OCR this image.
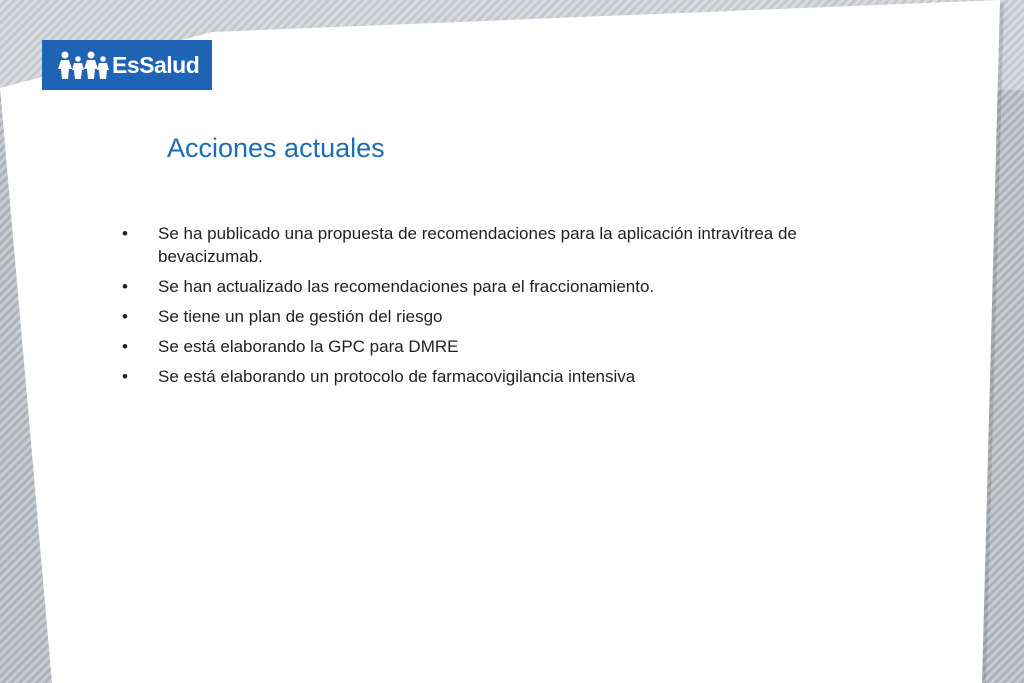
EsSalud
Acciones actuales
•	Se ha publicado una propuesta de recomendaciones para la aplicación intravítrea de bevacizumab.
•	Se han actualizado las recomendaciones para el fraccionamiento.
•	Se tiene un plan de gestión del riesgo
•	Se está elaborando la GPC para DMRE
•	Se está elaborando un protocolo de farmacovigilancia intensiva
